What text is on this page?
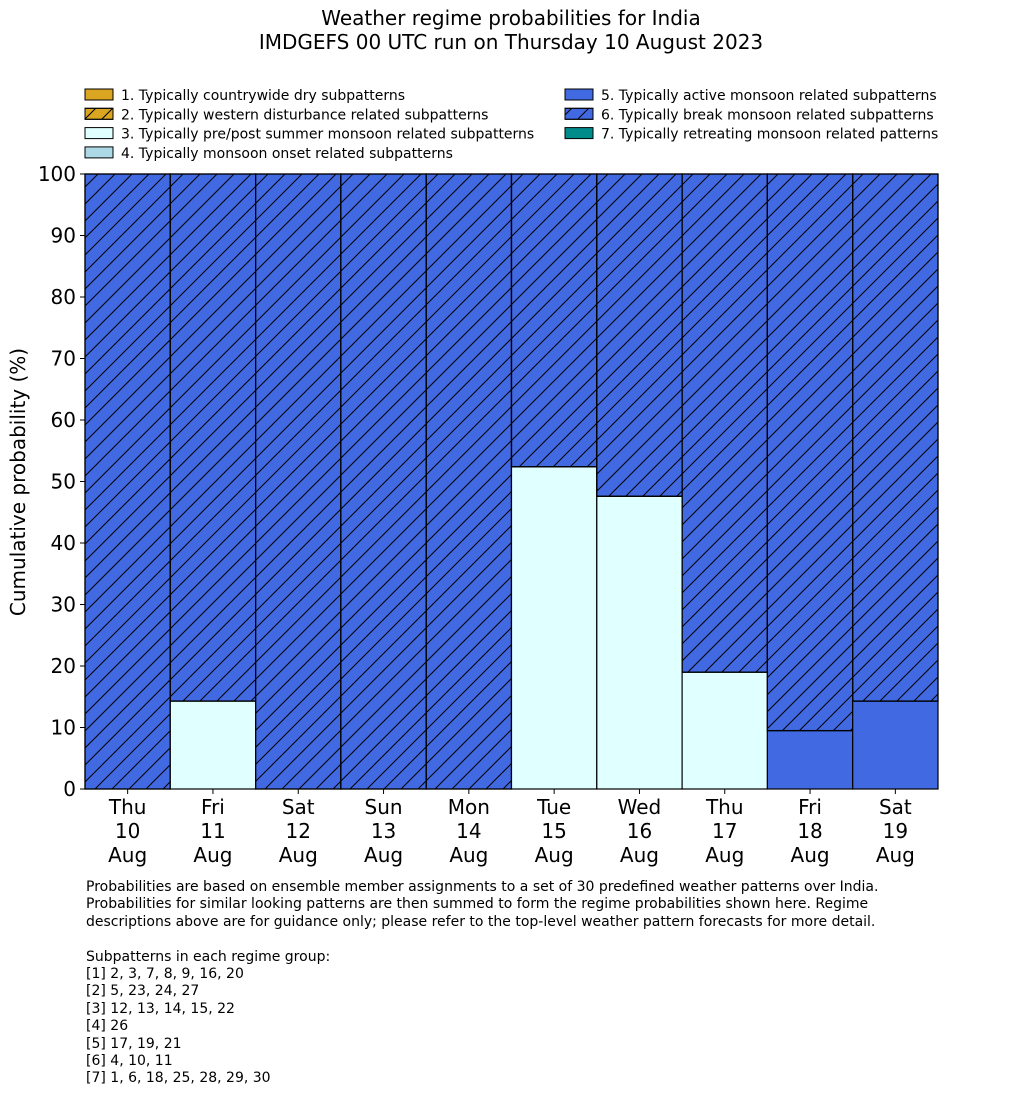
Weather regime probabilities for India
IMDGEFS 00 UTC run on Thursday 10 August 2023
1. Typically countrywide dry subpatterns
2. Typically western disturbance related subpatterns
3. Typically pre/post summer monsoon related subpatterns
4. Typically monsoon onset related subpatterns
5. Typically active monsoon related subpatterns
6. Typically break monsoon related subpatterns
7. Typically retreating monsoon related patterns
0
10
20
30
40
50
60
70
80
90
100
Thu
10
Aug
Fri
11
Aug
Sat
12
Aug
Sun
13
Aug
Mon
14
Aug
Tue
15
Aug
Wed
16
Aug
Thu
17
Aug
Fri
18
Aug
Sat
19
Aug
Cumulative probability (%)

Probabilities are based on ensemble member assignments to a set of 30 predefined weather patterns over India.

Probabilities for similar looking patterns are then summed to form the regime probabilities shown here. Regime

descriptions above are for guidance only; please refer to the top-level weather pattern forecasts for more detail.

Subpatterns in each regime group:

[1] 2, 3, 7, 8, 9, 16, 20

[2] 5, 23, 24, 27

[3] 12, 13, 14, 15, 22

[4] 26

[5] 17, 19, 21

[6] 4, 10, 11

[7] 1, 6, 18, 25, 28, 29, 30
